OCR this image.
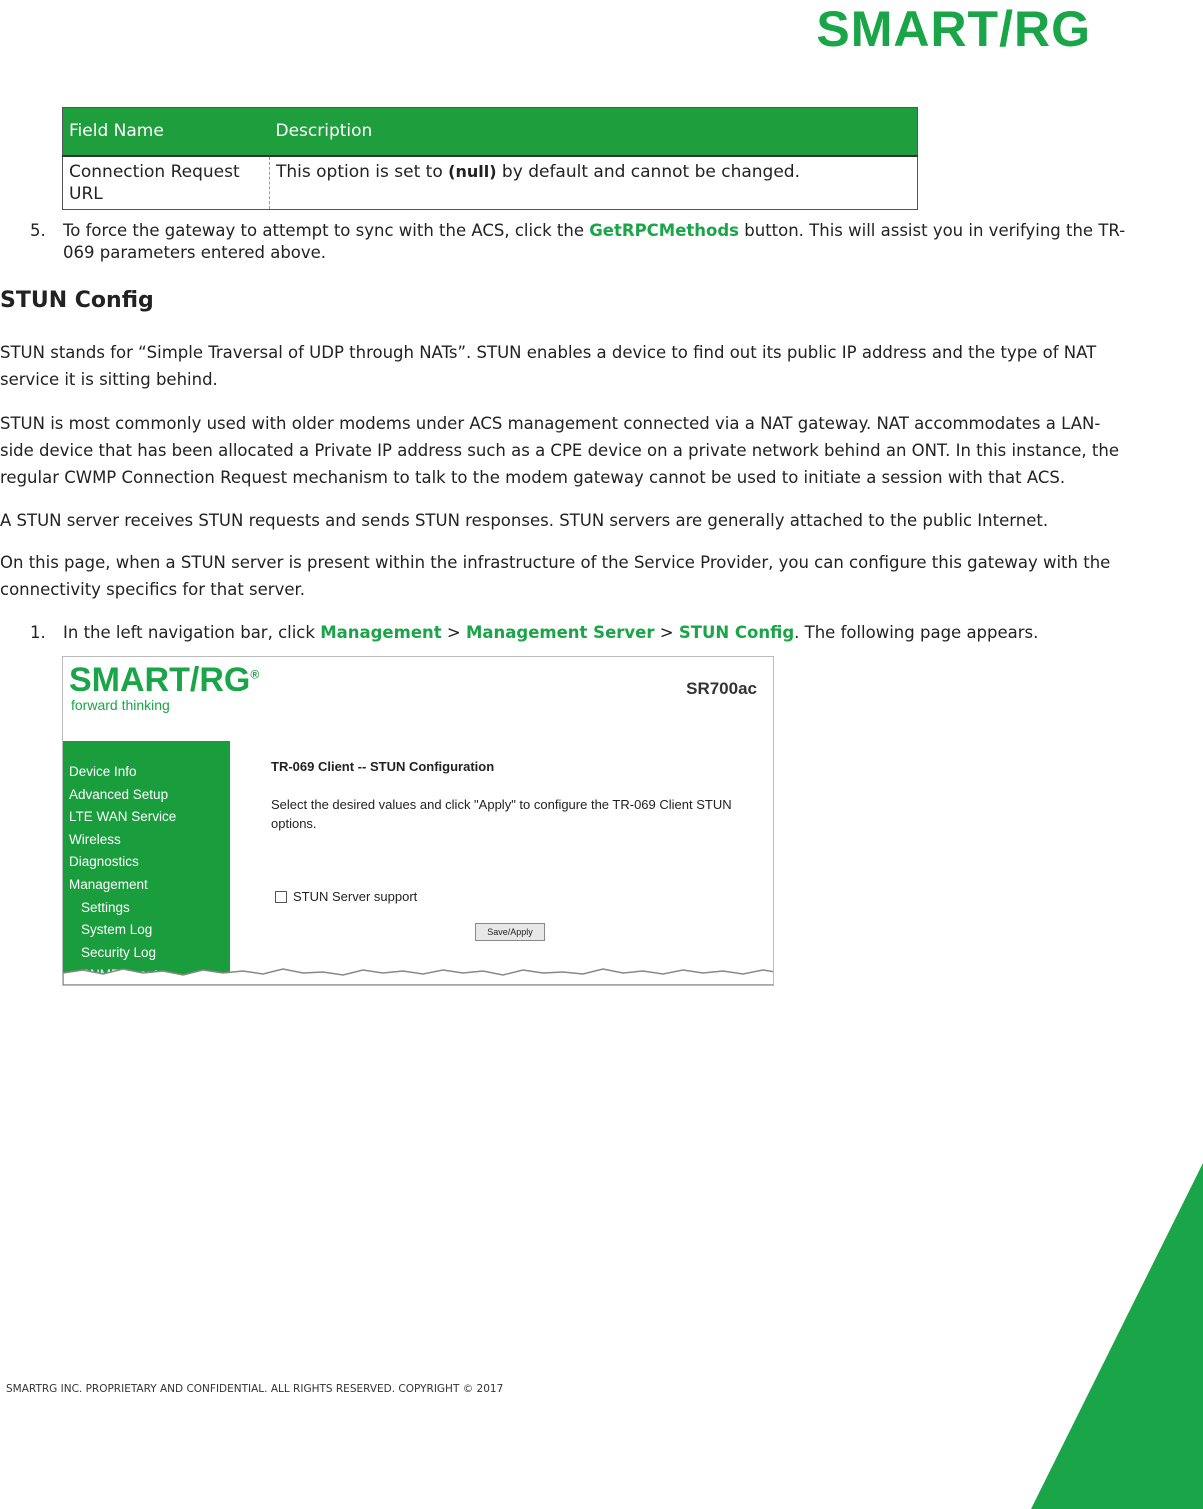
SMART/RG
Field Name	Description
Connection Request URL	This option is set to (null) by default and cannot be changed.
5. To force the gateway to attempt to sync with the ACS, click the GetRPCMethods button. This will assist you in verifying the TR-069 parameters entered above.
STUN Config

STUN stands for “Simple Traversal of UDP through NATs”. STUN enables a device to find out its public IP address and the type of NAT service it is sitting behind.

STUN is most commonly used with older modems under ACS management connected via a NAT gateway. NAT accommodates a LAN-side device that has been allocated a Private IP address such as a CPE device on a private network behind an ONT. In this instance, the regular CWMP Connection Request mechanism to talk to the modem gateway cannot be used to initiate a session with that ACS.

A STUN server receives STUN requests and sends STUN responses. STUN servers are generally attached to the public Internet.

On this page, when a STUN server is present within the infrastructure of the Service Provider, you can configure this gateway with the connectivity specifics for that server.

1. In the left navigation bar, click Management > Management Server > STUN Config. The following page appears.
SMART/RG®
forward thinking
SR700ac
Device Info
Advanced Setup
LTE WAN Service
Wireless
Diagnostics
Management
Settings
System Log
Security Log
TR-069 Client -- STUN Configuration
Select the desired values and click "Apply" to configure the TR-069 Client STUN options.
STUN Server support
Save/Apply
SMARTRG INC. PROPRIETARY AND CONFIDENTIAL. ALL RIGHTS RESERVED. COPYRIGHT © 2017
